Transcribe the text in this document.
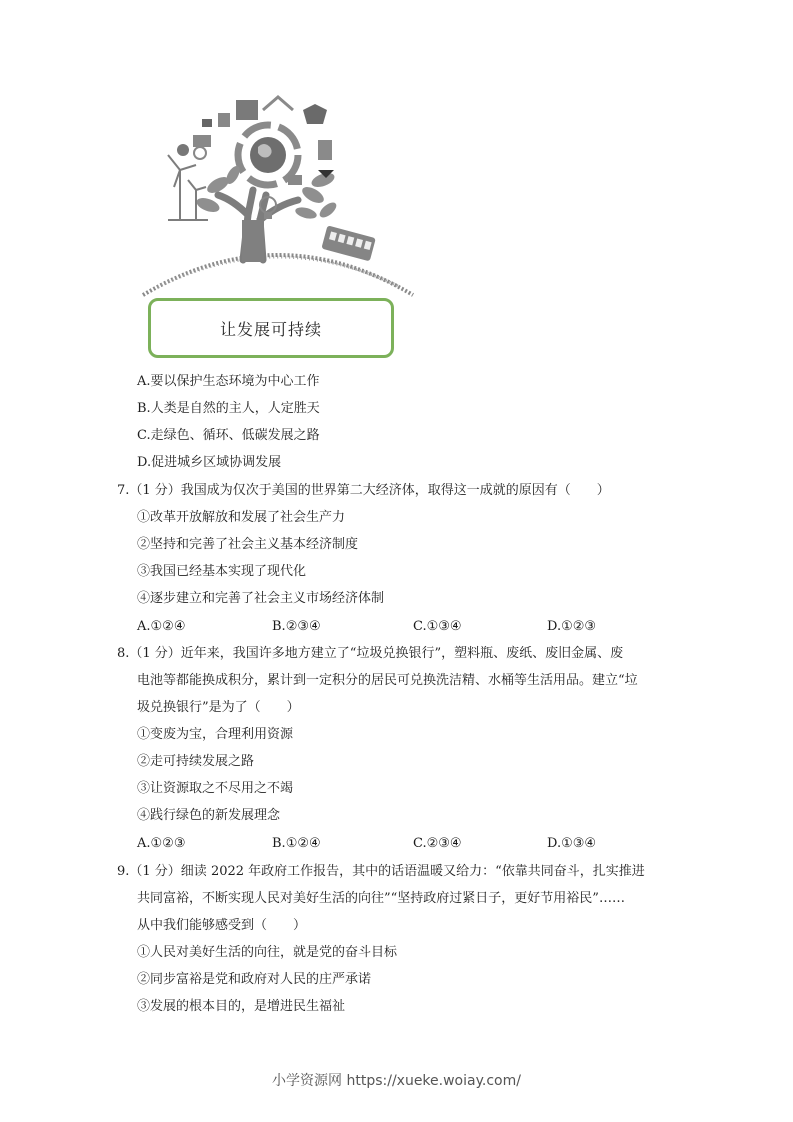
让发展可持续
A.要以保护生态环境为中心工作
B.人类是自然的主人，人定胜天
C.走绿色、循环、低碳发展之路
D.促进城乡区域协调发展
7.（1 分）我国成为仅次于美国的世界第二大经济体，取得这一成就的原因有（　　）
①改革开放解放和发展了社会生产力
②坚持和完善了社会主义基本经济制度
③我国已经基本实现了现代化
④逐步建立和完善了社会主义市场经济体制
A.①②④	B.②③④	C.①③④	D.①②③
8.（1 分）近年来，我国许多地方建立了“垃圾兑换银行”，塑料瓶、废纸、废旧金属、废
电池等都能换成积分，累计到一定积分的居民可兑换洗洁精、水桶等生活用品。建立“垃
圾兑换银行”是为了（　　）
①变废为宝，合理利用资源
②走可持续发展之路
③让资源取之不尽用之不竭
④践行绿色的新发展理念
A.①②③	B.①②④	C.②③④	D.①③④
9.（1 分）细读 2022 年政府工作报告，其中的话语温暖又给力：“依靠共同奋斗，扎实推进
共同富裕，不断实现人民对美好生活的向往”“坚持政府过紧日子，更好节用裕民”……
从中我们能够感受到（　　）
①人民对美好生活的向往，就是党的奋斗目标
②同步富裕是党和政府对人民的庄严承诺
③发展的根本目的，是增进民生福祉
小学资源网 https://xueke.woiay.com/
